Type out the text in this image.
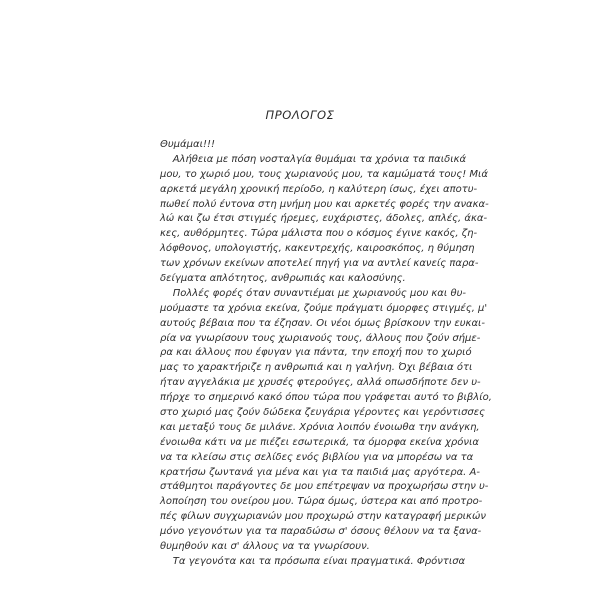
ΠΡΟΛΟΓΟΣ
Θυμάμαι!!!
Αλήθεια με πόση νοσταλγία θυμάμαι τα χρόνια τα παιδικά
μου, το χωριό μου, τους χωριανούς μου, τα καμώματά τους! Μιά
αρκετά μεγάλη χρονική περίοδο, η καλύτερη ίσως, έχει αποτυ-
πωθεί πολύ έντονα στη μνήμη μου και αρκετές φορές την ανακα-
λώ και ζω έτσι στιγμές ήρεμες, ευχάριστες, άδολες, απλές, άκα-
κες, αυθόρμητες. Τώρα μάλιστα που ο κόσμος έγινε κακός, ζη-
λόφθονος, υπολογιστής, κακεντρεχής, καιροσκόπος, η θύμηση
των χρόνων εκείνων αποτελεί πηγή για να αντλεί κανείς παρα-
δείγματα απλότητος, ανθρωπιάς και καλοσύνης.
Πολλές φορές όταν συναντιέμαι με χωριανούς μου και θυ-
μούμαστε τα χρόνια εκείνα, ζούμε πράγματι όμορφες στιγμές, μ'
αυτούς βέβαια που τα έζησαν. Οι νέοι όμως βρίσκουν την ευκαι-
ρία να γνωρίσουν τους χωριανούς τους, άλλους που ζούν σήμε-
ρα και άλλους που έφυγαν για πάντα, την εποχή που το χωριό
μας το χαρακτήριζε η ανθρωπιά και η γαλήνη. Όχι βέβαια ότι
ήταν αγγελάκια με χρυσές φτερούγες, αλλά οπωσδήποτε δεν υ-
πήρχε το σημερινό κακό όπου τώρα που γράφεται αυτό το βιβλίο,
στο χωριό μας ζούν δώδεκα ζευγάρια γέροντες και γερόντισσες
και μεταξύ τους δε μιλάνε. Χρόνια λοιπόν ένοιωθα την ανάγκη,
ένοιωθα κάτι να με πιέζει εσωτερικά, τα όμορφα εκείνα χρόνια
να τα κλείσω στις σελίδες ενός βιβλίου για να μπορέσω να τα
κρατήσω ζωντανά για μένα και για τα παιδιά μας αργότερα. Α-
στάθμητοι παράγοντες δε μου επέτρεψαν να προχωρήσω στην υ-
λοποίηση του ονείρου μου. Τώρα όμως, ύστερα και από προτρο-
πές φίλων συγχωριανών μου προχωρώ στην καταγραφή μερικών
μόνο γεγονότων για τα παραδώσω σ' όσους θέλουν να τα ξανα-
θυμηθούν και σ' άλλους να τα γνωρίσουν.
Τα γεγονότα και τα πρόσωπα είναι πραγματικά. Φρόντισα
